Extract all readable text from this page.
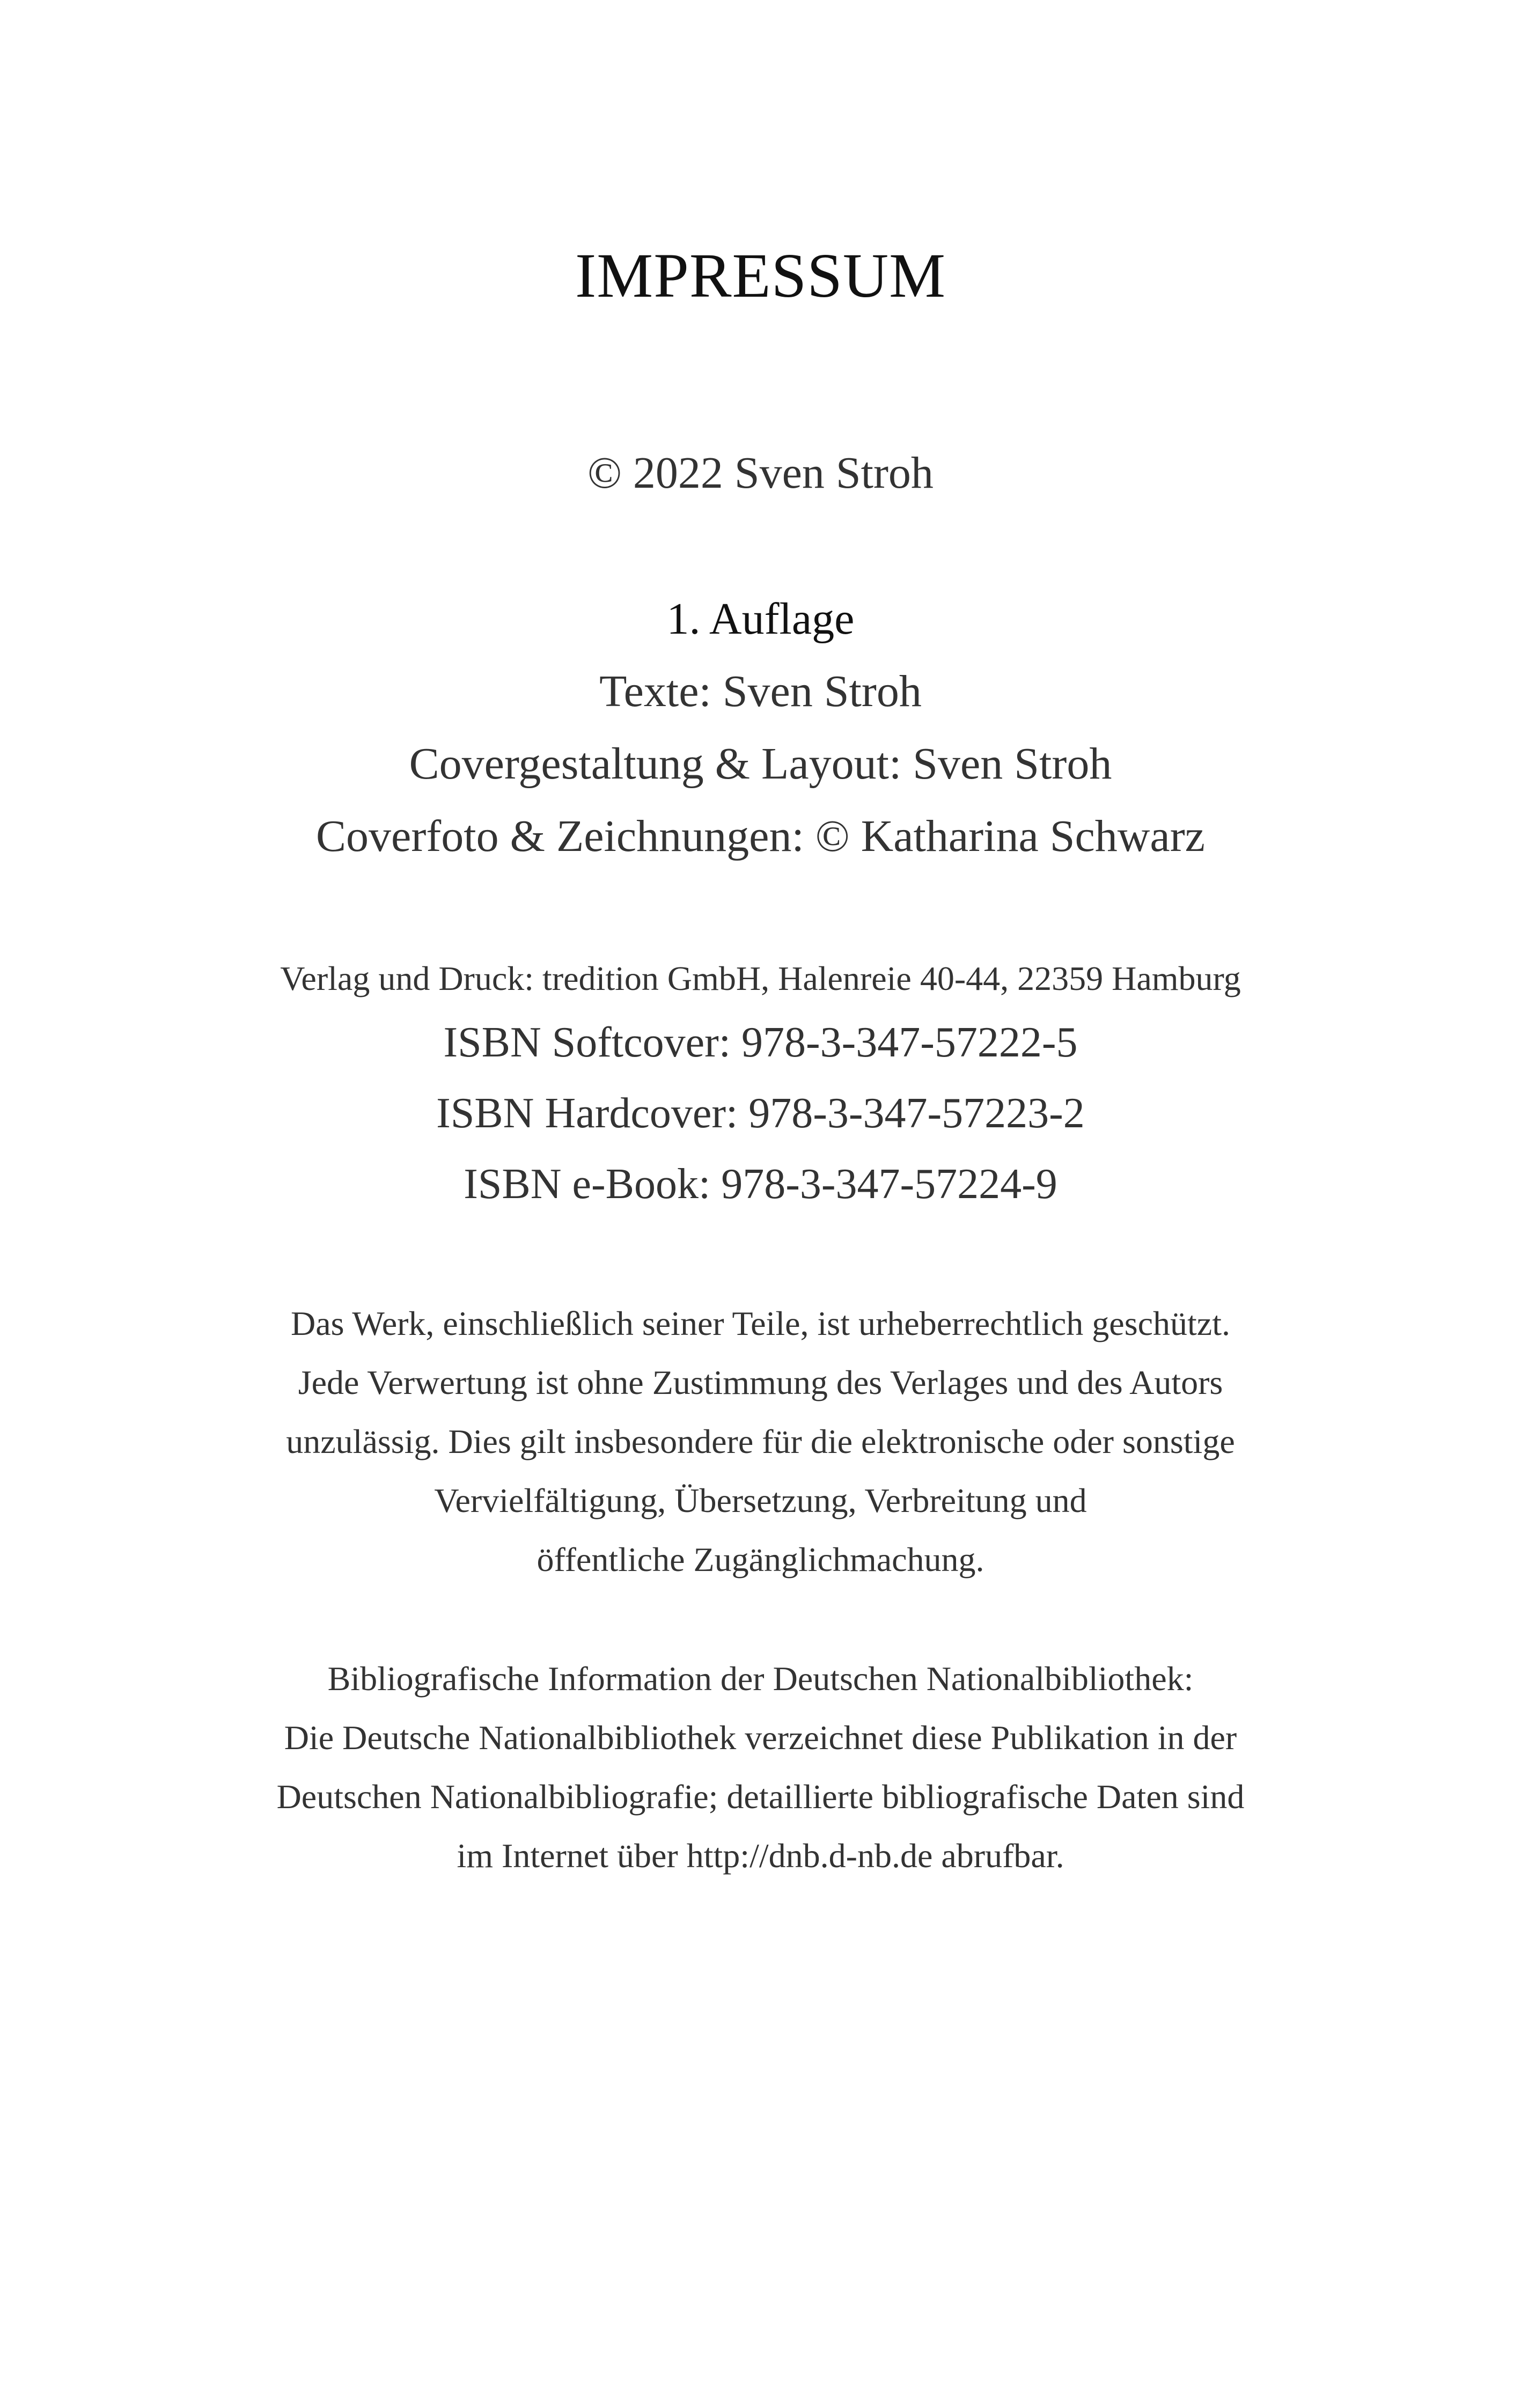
IMPRESSUM
© 2022 Sven Stroh
1. Auflage
Texte: Sven Stroh
Covergestaltung & Layout: Sven Stroh
Coverfoto & Zeichnungen: © Katharina Schwarz
Verlag und Druck: tredition GmbH, Halenreie 40-44, 22359 Hamburg
ISBN Softcover: 978-3-347-57222-5
ISBN Hardcover: 978-3-347-57223-2
ISBN e-Book: 978-3-347-57224-9
Das Werk, einschließlich seiner Teile, ist urheberrechtlich geschützt.
Jede Verwertung ist ohne Zustimmung des Verlages und des Autors
unzulässig. Dies gilt insbesondere für die elektronische oder sonstige
Vervielfältigung, Übersetzung, Verbreitung und
öffentliche Zugänglichmachung.
Bibliografische Information der Deutschen Nationalbibliothek:
Die Deutsche Nationalbibliothek verzeichnet diese Publikation in der
Deutschen Nationalbibliografie; detaillierte bibliografische Daten sind
im Internet über http://dnb.d-nb.de abrufbar.
